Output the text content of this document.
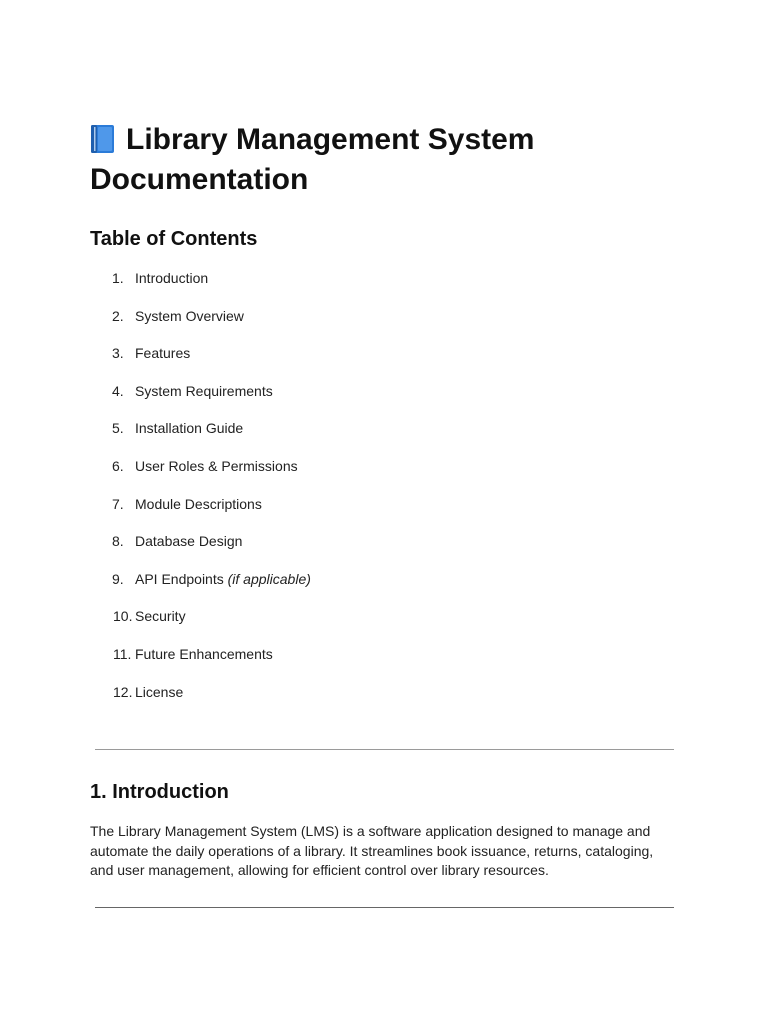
Library Management System Documentation
Table of Contents
1. Introduction
2. System Overview
3. Features
4. System Requirements
5. Installation Guide
6. User Roles & Permissions
7. Module Descriptions
8. Database Design
9. API Endpoints (if applicable)
10. Security
11. Future Enhancements
12. License
1. Introduction

The Library Management System (LMS) is a software application designed to manage and automate the daily operations of a library. It streamlines book issuance, returns, cataloging, and user management, allowing for efficient control over library resources.
